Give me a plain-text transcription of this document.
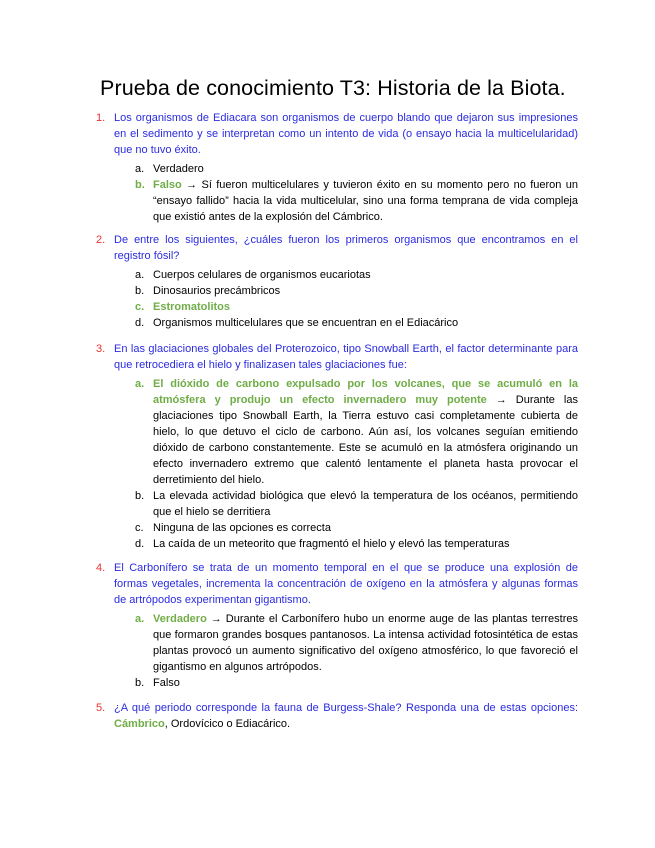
Prueba de conocimiento T3: Historia de la Biota.
1. Los organismos de Ediacara son organismos de cuerpo blando que dejaron sus impresiones en el sedimento y se interpretan como un intento de vida (o ensayo hacia la multicelularidad) que no tuvo éxito.
a. Verdadero
b. Falso → Sí fueron multicelulares y tuvieron éxito en su momento pero no fueron un “ensayo fallido” hacia la vida multicelular, sino una forma temprana de vida compleja que existió antes de la explosión del Cámbrico.
2. De entre los siguientes, ¿cuáles fueron los primeros organismos que encontramos en el registro fósil?
a. Cuerpos celulares de organismos eucariotas
b. Dinosaurios precámbricos
c. Estromatolitos
d. Organismos multicelulares que se encuentran en el Ediacárico
3. En las glaciaciones globales del Proterozoico, tipo Snowball Earth, el factor determinante para que retrocediera el hielo y finalizasen tales glaciaciones fue:
a. El dióxido de carbono expulsado por los volcanes, que se acumuló en la atmósfera y produjo un efecto invernadero muy potente → Durante las glaciaciones tipo Snowball Earth, la Tierra estuvo casi completamente cubierta de hielo, lo que detuvo el ciclo de carbono. Aún así, los volcanes seguían emitiendo dióxido de carbono constantemente. Este se acumuló en la atmósfera originando un efecto invernadero extremo que calentó lentamente el planeta hasta provocar el derretimiento del hielo.
b. La elevada actividad biológica que elevó la temperatura de los océanos, permitiendo que el hielo se derritiera
c. Ninguna de las opciones es correcta
d. La caída de un meteorito que fragmentó el hielo y elevó las temperaturas
4. El Carbonífero se trata de un momento temporal en el que se produce una explosión de formas vegetales, incrementa la concentración de oxígeno en la atmósfera y algunas formas de artrópodos experimentan gigantismo.
a. Verdadero → Durante el Carbonífero hubo un enorme auge de las plantas terrestres que formaron grandes bosques pantanosos. La intensa actividad fotosintética de estas plantas provocó un aumento significativo del oxígeno atmosférico, lo que favoreció el gigantismo en algunos artrópodos.
b. Falso
5. ¿A qué periodo corresponde la fauna de Burgess-Shale? Responda una de estas opciones: Cámbrico, Ordovícico o Ediacárico.
